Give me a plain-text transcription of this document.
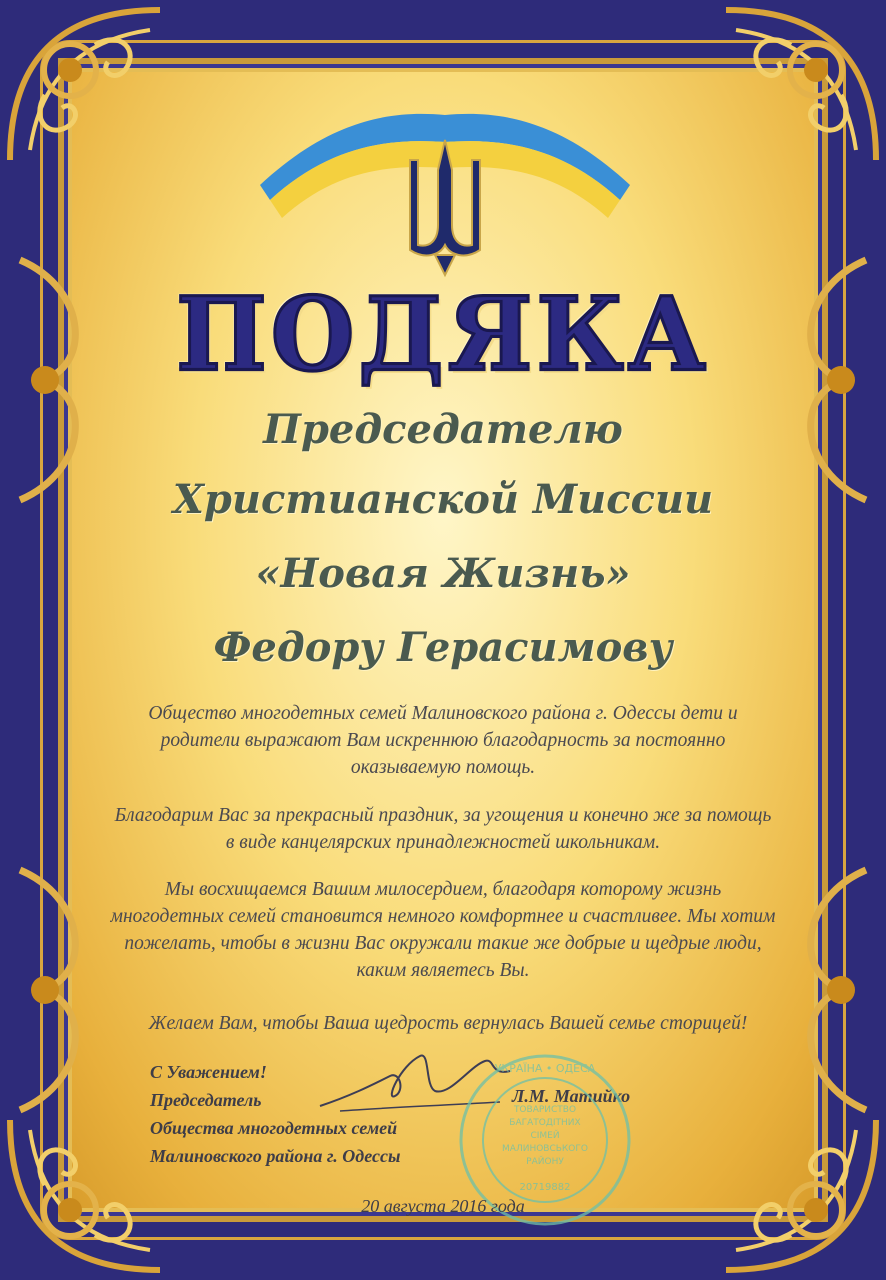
ПОДЯКА
Председателю
Христианской Миссии
«Новая Жизнь»
Федору Герасимову
Общество многодетных семей Малиновского района г. Одессы дети и родители выражают Вам искреннюю благодарность за постоянно оказываемую помощь.
Благодарим Вас за прекрасный праздник, за угощения и конечно же за помощь в виде канцелярских принадлежностей школьникам.
Мы восхищаемся Вашим милосердием, благодаря которому жизнь многодетных семей становится немного комфортнее и счастливее. Мы хотим пожелать, чтобы в жизни Вас окружали такие же добрые и щедрые люди, каким являетесь Вы.
Желаем Вам, чтобы Ваша щедрость вернулась Вашей семье сторицей!
С Уважением!
Председатель
Общества многодетных семей
Малиновского района г. Одессы
Л.М. Матийко
УКРАЇНА • ОДЕСА
ТОВАРИСТВО
БАГАТОДІТНИХ
СІМЕЙ
МАЛИНОВСЬКОГО
РАЙОНУ
20719882
20 августа 2016 года
